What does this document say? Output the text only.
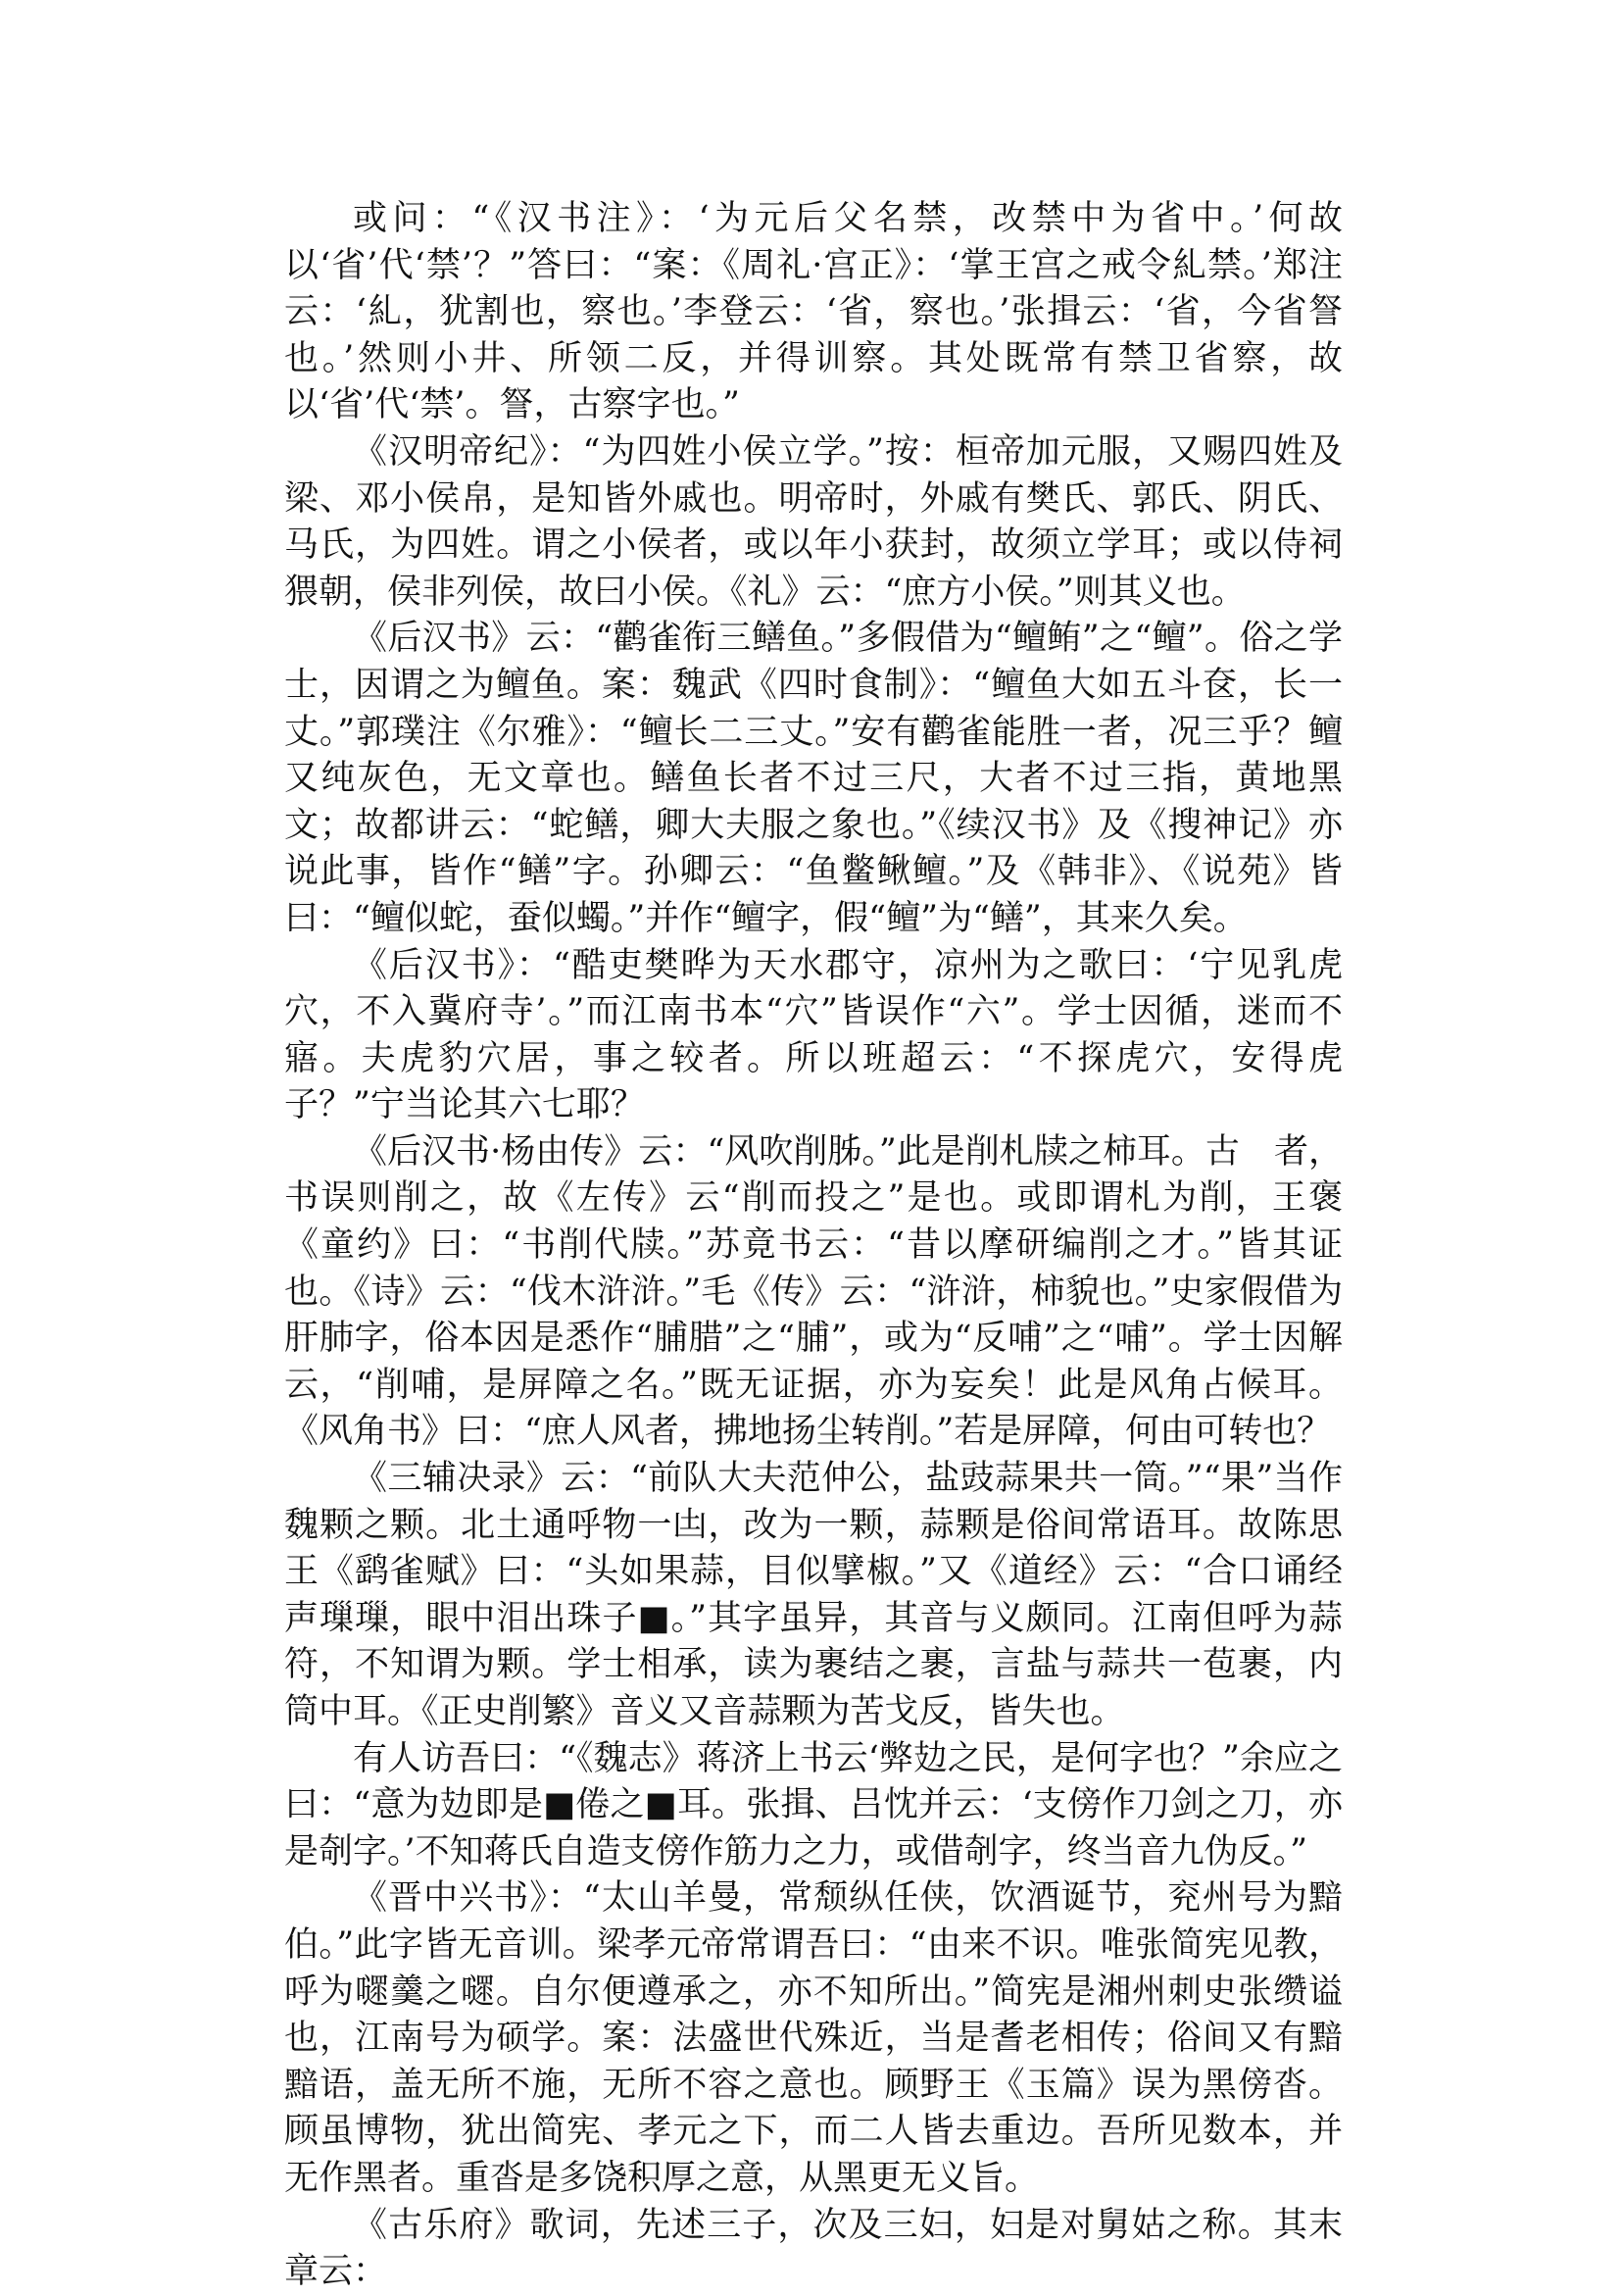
或问：“《汉书注》：‘为元后父名禁，改禁中为省中。’何故以‘省’代‘禁’？”答曰：“案：《周礼·宫正》：‘掌王宫之戒令糺禁。’郑注云：‘糺，犹割也，察也。’李登云：‘省，察也。’张揖云：‘省，今省詧也。’然则小井、所领二反，并得训察。其处既常有禁卫省察，故以‘省’代‘禁’。詧，古察字也。”

《汉明帝纪》：“为四姓小侯立学。”按：桓帝加元服，又赐四姓及梁、邓小侯帛，是知皆外戚也。明帝时，外戚有樊氏、郭氏、阴氏、马氏，为四姓。谓之小侯者，或以年小获封，故须立学耳；或以侍祠猥朝，侯非列侯，故曰小侯。《礼》云：“庶方小侯。”则其义也。

《后汉书》云：“鹳雀衔三鳝鱼。”多假借为“鳣鲔”之“鳣”。俗之学士，因谓之为鳣鱼。案：魏武《四时食制》：“鳣鱼大如五斗奁，长一丈。”郭璞注《尔雅》：“鳣长二三丈。”安有鹳雀能胜一者，况三乎？鳣又纯灰色，无文章也。鳝鱼长者不过三尺，大者不过三指，黄地黑文；故都讲云：“蛇鳝，卿大夫服之象也。”《续汉书》及《搜神记》亦说此事，皆作“鳝”字。孙卿云：“鱼鳖鳅鳣。”及《韩非》、《说苑》皆曰：“鳣似蛇，蚕似蠋。”并作“鳣字，假“鳣”为“鳝”，其来久矣。

《后汉书》：“酷吏樊晔为天水郡守，凉州为之歌曰：‘宁见乳虎穴，不入冀府寺’。”而江南书本“穴”皆误作“六”。学士因循，迷而不寤。夫虎豹穴居，事之较者。所以班超云：“不探虎穴，安得虎子？”宁当论其六七耶？

《后汉书·杨由传》云：“风吹削胏。”此是削札牍之柿耳。古　者，书误则削之，故《左传》云“削而投之”是也。或即谓札为削，王褒《童约》曰：“书削代牍。”苏竟书云：“昔以摩研编削之才。”皆其证也。《诗》云：“伐木浒浒。”毛《传》云：“浒浒，柿貌也。”史家假借为肝肺字，俗本因是悉作“脯腊”之“脯”，或为“反哺”之“哺”。学士因解云，“削哺，是屏障之名。”既无证据，亦为妄矣！此是风角占候耳。《风角书》曰：“庶人风者，拂地扬尘转削。”若是屏障，何由可转也？

《三辅决录》云：“前队大夫范仲公，盐豉蒜果共一筒。”“果”当作魏颗之颗。北土通呼物一凷，改为一颗，蒜颗是俗间常语耳。故陈思王《鹞雀赋》曰：“头如果蒜，目似擘椒。”又《道经》云：“合口诵经声璅璅，眼中泪出珠子■。”其字虽异，其音与义颇同。江南但呼为蒜符，不知谓为颗。学士相承，读为裹结之裹，言盐与蒜共一苞裹，内筒中耳。《正史削繁》音义又音蒜颗为苦戈反，皆失也。

有人访吾曰：“《魏志》蒋济上书云‘弊攰之民，是何字也？”余应之曰：“意为攰即是■倦之■耳。张揖、吕忱并云：‘支傍作刀剑之刀，亦是剞字。’不知蒋氏自造支傍作筋力之力，或借剞字，终当音九伪反。”

《晋中兴书》：“太山羊曼，常颓纵任侠，饮酒诞节，兖州号为黯伯。”此字皆无音训。梁孝元帝常谓吾曰：“由来不识。唯张简宪见教，呼为嚃羹之嚃。自尔便遵承之，亦不知所出。”简宪是湘州刺史张缵谥也，江南号为硕学。案：法盛世代殊近，当是耆老相传；俗间又有黯黯语，盖无所不施，无所不容之意也。顾野王《玉篇》误为黑傍沓。顾虽博物，犹出简宪、孝元之下，而二人皆去重边。吾所见数本，并无作黑者。重沓是多饶积厚之意，从黑更无义旨。

《古乐府》歌词，先述三子，次及三妇，妇是对舅姑之称。其末章云：
